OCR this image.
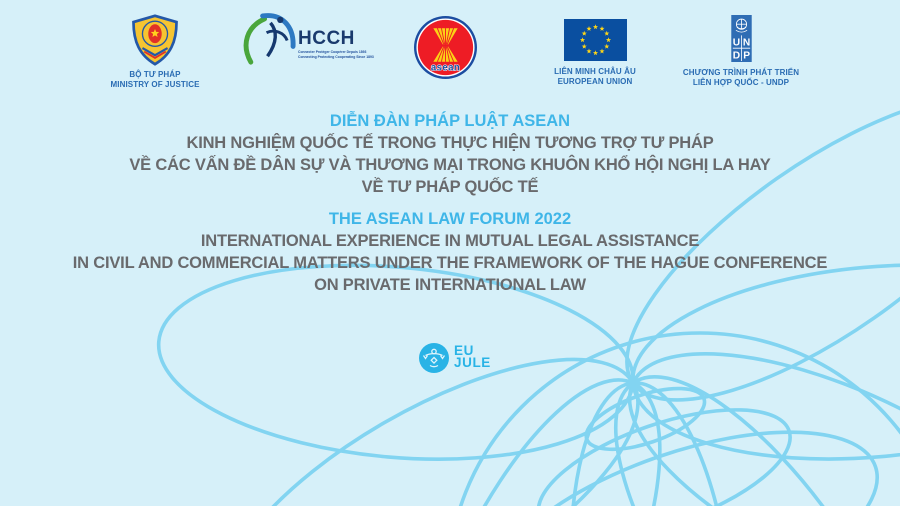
BỘ TƯ PHÁP
MINISTRY OF JUSTICE
HCCH
Connecter Protéger Coopérer Depuis 1893
Connecting Protecting Cooperating Since 1893
asean	LIÊN MINH CHÂU ÂU
EUROPEAN UNION
U N
D P
CHƯƠNG TRÌNH PHÁT TRIỂN
LIÊN HỢP QUỐC - UNDP
DIỄN ĐÀN PHÁP LUẬT ASEAN
KINH NGHIỆM QUỐC TẾ TRONG THỰC HIỆN TƯƠNG TRỢ TƯ PHÁP
VỀ CÁC VẤN ĐỀ DÂN SỰ VÀ THƯƠNG MẠI TRONG KHUÔN KHỔ HỘI NGHỊ LA HAY
VỀ TƯ PHÁP QUỐC TẾ
THE ASEAN LAW FORUM 2022
INTERNATIONAL EXPERIENCE IN MUTUAL LEGAL ASSISTANCE
IN CIVIL AND COMMERCIAL MATTERS UNDER THE FRAMEWORK OF THE HAGUE CONFERENCE
ON PRIVATE INTERNATIONAL LAW
EU
JULE
